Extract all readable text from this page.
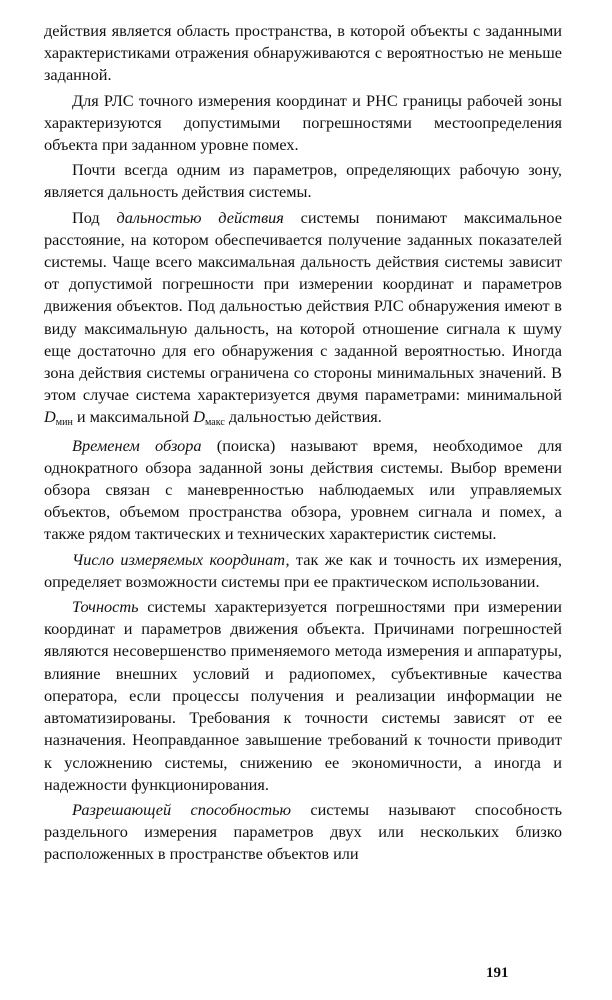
действия является область пространства, в которой объекты с заданными характеристиками отражения обнаруживаются с вероятностью не меньше заданной.

Для РЛС точного измерения координат и РНС границы рабочей зоны характеризуются допустимыми погрешностями местоопределения объекта при заданном уровне помех.

Почти всегда одним из параметров, определяющих рабочую зону, является дальность действия системы.

Под дальностью действия системы понимают максимальное расстояние, на котором обеспечивается получение заданных показателей системы. Чаще всего максимальная дальность действия системы зависит от допустимой погрешности при измерении координат и параметров движения объектов. Под дальностью действия РЛС обнаружения имеют в виду максимальную дальность, на которой отношение сигнала к шуму еще достаточно для его обнаружения с заданной вероятностью. Иногда зона действия системы ограничена со стороны минимальных значений. В этом случае система характеризуется двумя параметрами: минимальной Dмин и максимальной Dмакс дальностью действия.

Временем обзора (поиска) называют время, необходимое для однократного обзора заданной зоны действия системы. Выбор времени обзора связан с маневренностью наблюдаемых или управляемых объектов, объемом пространства обзора, уровнем сигнала и помех, а также рядом тактических и технических характеристик системы.

Число измеряемых координат, так же как и точность их измерения, определяет возможности системы при ее практическом использовании.

Точность системы характеризуется погрешностями при измерении координат и параметров движения объекта. Причинами погрешностей являются несовершенство применяемого метода измерения и аппаратуры, влияние внешних условий и радиопомех, субъективные качества оператора, если процессы получения и реализации информации не автоматизированы. Требования к точности системы зависят от ее назначения. Неоправданное завышение требований к точности приводит к усложнению системы, снижению ее экономичности, а иногда и надежности функционирования.

Разрешающей способностью системы называют способность раздельного измерения параметров двух или нескольких близко расположенных в пространстве объектов или

191
